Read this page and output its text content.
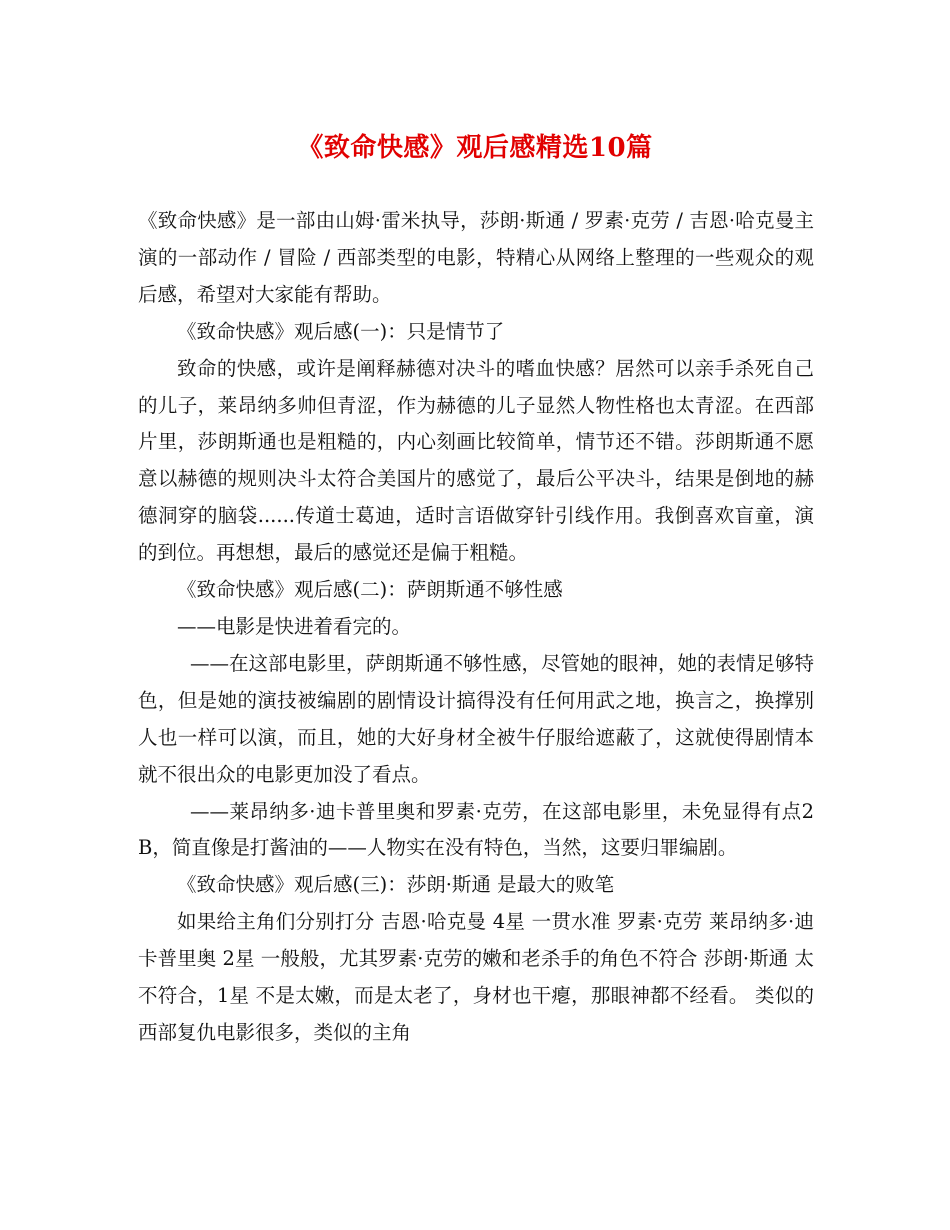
《致命快感》观后感精选10篇

《致命快感》是一部由山姆·雷米执导，莎朗·斯通 / 罗素·克劳 / 吉恩·哈克曼主演的一部动作 / 冒险 / 西部类型的电影，特精心从网络上整理的一些观众的观后感，希望对大家能有帮助。

《致命快感》观后感(一)：只是情节了

致命的快感，或许是阐释赫德对决斗的嗜血快感？居然可以亲手杀死自己的儿子，莱昂纳多帅但青涩，作为赫德的儿子显然人物性格也太青涩。在西部片里，莎朗斯通也是粗糙的，内心刻画比较简单，情节还不错。莎朗斯通不愿意以赫德的规则决斗太符合美国片的感觉了，最后公平决斗，结果是倒地的赫德洞穿的脑袋......传道士葛迪，适时言语做穿针引线作用。我倒喜欢盲童，演的到位。再想想，最后的感觉还是偏于粗糙。

《致命快感》观后感(二)：萨朗斯通不够性感

——电影是快进着看完的。

——在这部电影里，萨朗斯通不够性感，尽管她的眼神，她的表情足够特色，但是她的演技被编剧的剧情设计搞得没有任何用武之地，换言之，换撑别人也一样可以演，而且，她的大好身材全被牛仔服给遮蔽了，这就使得剧情本就不很出众的电影更加没了看点。

——莱昂纳多·迪卡普里奥和罗素·克劳，在这部电影里，未免显得有点2B，简直像是打酱油的——人物实在没有特色，当然，这要归罪编剧。

《致命快感》观后感(三)：莎朗·斯通 是最大的败笔

如果给主角们分别打分 吉恩·哈克曼 4星 一贯水准 罗素·克劳 莱昂纳多·迪卡普里奥 2星 一般般，尤其罗素·克劳的嫩和老杀手的角色不符合 莎朗·斯通 太不符合，1星 不是太嫩，而是太老了，身材也干瘪，那眼神都不经看。 类似的西部复仇电影很多，类似的主角
